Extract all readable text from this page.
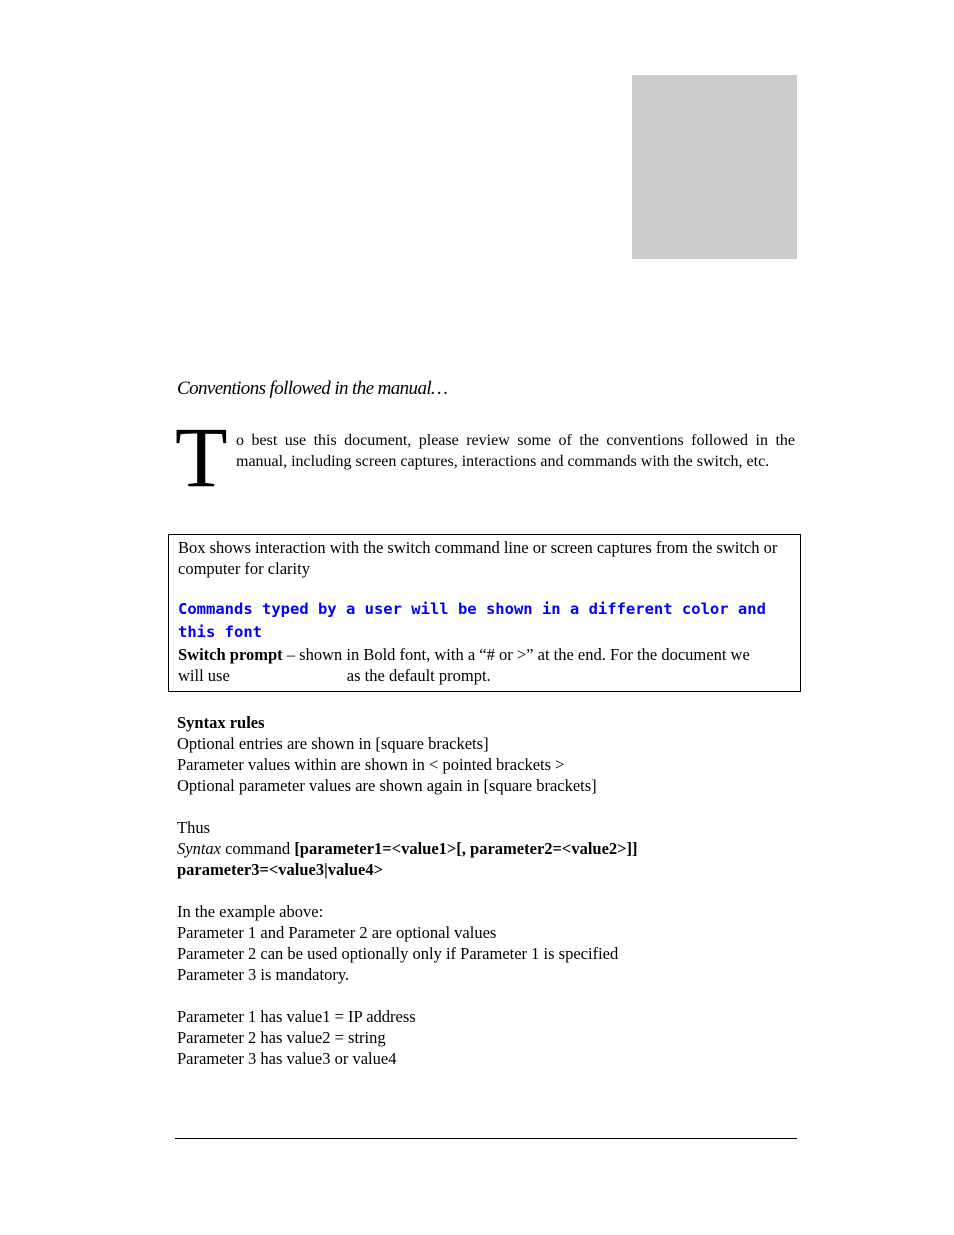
Conventions followed in the manual…
T o best use this document, please review some of the conventions followed in the manual, including screen captures, interactions and commands with the switch, etc.

Box shows interaction with the switch command line or screen captures from the switch or computer for clarity

Commands typed by a user will be shown in a different color and this font

Switch prompt – shown in Bold font, with a “# or >” at the end. For the document we will use	as the default prompt.

Syntax rules

Optional entries are shown in [square brackets]

Parameter values within are shown in < pointed brackets >

Optional parameter values are shown again in [square brackets]

Thus

Syntax command [parameter1=<value1>[, parameter2=<value2>]]

parameter3=<value3|value4>

In the example above:

Parameter 1 and Parameter 2 are optional values

Parameter 2 can be used optionally only if Parameter 1 is specified

Parameter 3 is mandatory.

Parameter 1 has value1 = IP address

Parameter 2 has value2 = string

Parameter 3 has value3 or value4
